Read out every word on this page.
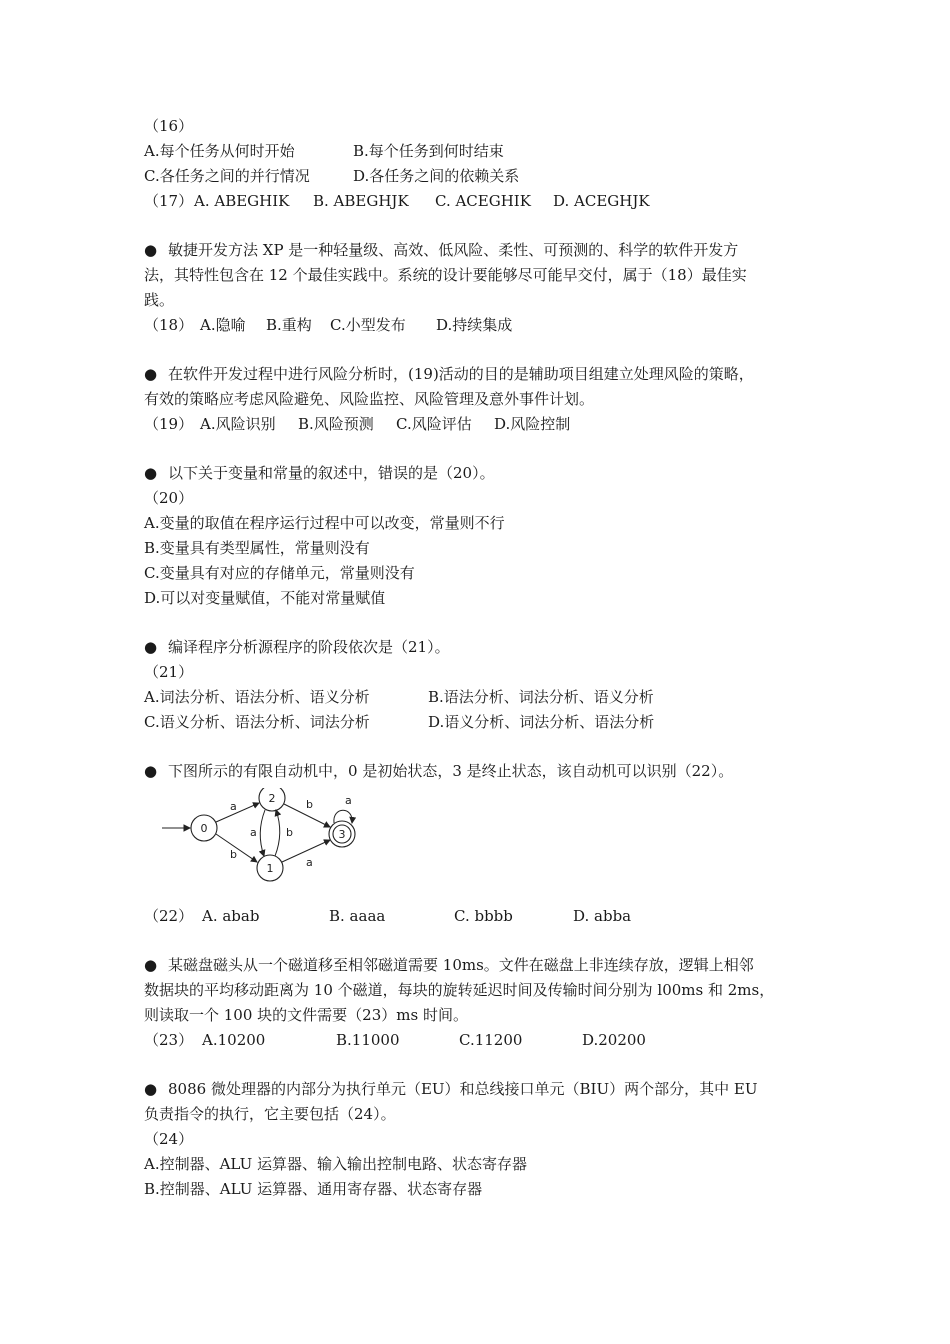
（16）
A.每个任务从何时开始	B.每个任务到何时结束
C.各任务之间的并行情况	D.各任务之间的依赖关系
（17） A. ABEGHIK	B. ABEGHJK	C. ACEGHIK	D. ACEGHJK
● 敏捷开发方法 XP 是一种轻量级、高效、低风险、柔性、可预测的、科学的软件开发方
法，其特性包含在 12 个最佳实践中。系统的设计要能够尽可能早交付，属于（18）最佳实
践。
（18） A.隐喻	B.重构	C.小型发布	D.持续集成
● 在软件开发过程中进行风险分析时，(19)活动的目的是辅助项目组建立处理风险的策略，
有效的策略应考虑风险避免、风险监控、风险管理及意外事件计划。
（19） A.风险识别	B.风险预测	C.风险评估	D.风险控制
● 以下关于变量和常量的叙述中，错误的是（20）。
（20）
A.变量的取值在程序运行过程中可以改变，常量则不行
B.变量具有类型属性，常量则没有
C.变量具有对应的存储单元，常量则没有
D.可以对变量赋值，不能对常量赋值
● 编译程序分析源程序的阶段依次是（21）。
（21）
A.词法分析、语法分析、语义分析	B.语法分析、词法分析、语义分析
C.语义分析、语法分析、词法分析	D.语义分析、词法分析、语法分析
● 下图所示的有限自动机中，0 是初始状态，3 是终止状态，该自动机可以识别（22）。
0
2
1
3
a
b
a	b
b
a
a
（22） A. abab	B. aaaa	C. bbbb	D. abba
● 某磁盘磁头从一个磁道移至相邻磁道需要 10ms。文件在磁盘上非连续存放，逻辑上相邻
数据块的平均移动距离为 10 个磁道，每块的旋转延迟时间及传输时间分别为 l00ms 和 2ms，
则读取一个 100 块的文件需要（23）ms 时间。
（23） A.10200	B.11000	C.11200	D.20200
● 8086 微处理器的内部分为执行单元（EU）和总线接口单元（BIU）两个部分，其中 EU
负责指令的执行，它主要包括（24）。
（24）
A.控制器、ALU 运算器、输入输出控制电路、状态寄存器
B.控制器、ALU 运算器、通用寄存器、状态寄存器
